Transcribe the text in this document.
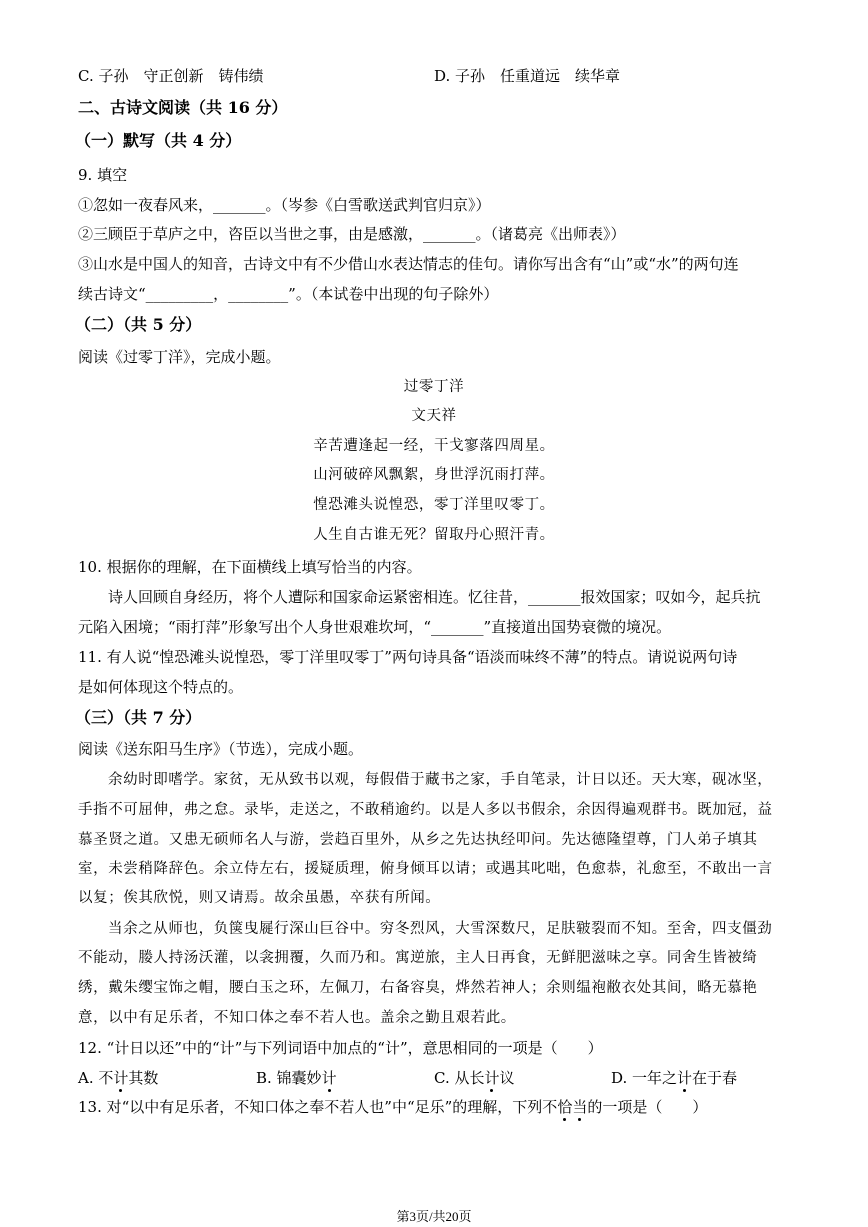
C. 子孙　守正创新　铸伟绩	D. 子孙　任重道远　续华章
二、古诗文阅读（共 16 分）
（一）默写（共 4 分）
9. 填空
①忽如一夜春风来，_______。（岑参《白雪歌送武判官归京》）
②三顾臣于草庐之中，咨臣以当世之事，由是感激，_______。（诸葛亮《出师表》）
③山水是中国人的知音，古诗文中有不少借山水表达情志的佳句。请你写出含有“山”或“水”的两句连
续古诗文“_________，________”。（本试卷中出现的句子除外）
（二）（共 5 分）
阅读《过零丁洋》，完成小题。
过零丁洋
文天祥
辛苦遭逢起一经，干戈寥落四周星。
山河破碎风飘絮，身世浮沉雨打萍。
惶恐滩头说惶恐，零丁洋里叹零丁。
人生自古谁无死？留取丹心照汗青。
10. 根据你的理解，在下面横线上填写恰当的内容。
诗人回顾自身经历，将个人遭际和国家命运紧密相连。忆往昔，_______报效国家；叹如今，起兵抗
元陷入困境；“雨打萍”形象写出个人身世艰难坎坷，“_______”直接道出国势衰微的境况。
11. 有人说“惶恐滩头说惶恐，零丁洋里叹零丁”两句诗具备“语淡而味终不薄”的特点。请说说两句诗
是如何体现这个特点的。
（三）（共 7 分）
阅读《送东阳马生序》（节选），完成小题。
余幼时即嗜学。家贫，无从致书以观，每假借于藏书之家，手自笔录，计日以还。天大寒，砚冰坚，
手指不可屈伸，弗之怠。录毕，走送之，不敢稍逾约。以是人多以书假余，余因得遍观群书。既加冠，益
慕圣贤之道。又患无硕师名人与游，尝趋百里外，从乡之先达执经叩问。先达德隆望尊，门人弟子填其
室，未尝稍降辞色。余立侍左右，援疑质理，俯身倾耳以请；或遇其叱咄，色愈恭，礼愈至，不敢出一言
以复；俟其欣悦，则又请焉。故余虽愚，卒获有所闻。
当余之从师也，负箧曳屣行深山巨谷中。穷冬烈风，大雪深数尺，足肤皲裂而不知。至舍，四支僵劲
不能动，媵人持汤沃灌，以衾拥覆，久而乃和。寓逆旅，主人日再食，无鲜肥滋味之享。同舍生皆被绮
绣，戴朱缨宝饰之帽，腰白玉之环，左佩刀，右备容臭，烨然若神人；余则缊袍敝衣处其间，略无慕艳
意，以中有足乐者，不知口体之奉不若人也。盖余之勤且艰若此。
12. “计日以还”中的“计”与下列词语中加点的“计”，意思相同的一项是（　　）
A. 不计其数	B. 锦囊妙计	C. 从长计议	D. 一年之计在于春
13. 对“以中有足乐者，不知口体之奉不若人也”中“足乐”的理解，下列不恰当的一项是（　　）
第3页/共20页
